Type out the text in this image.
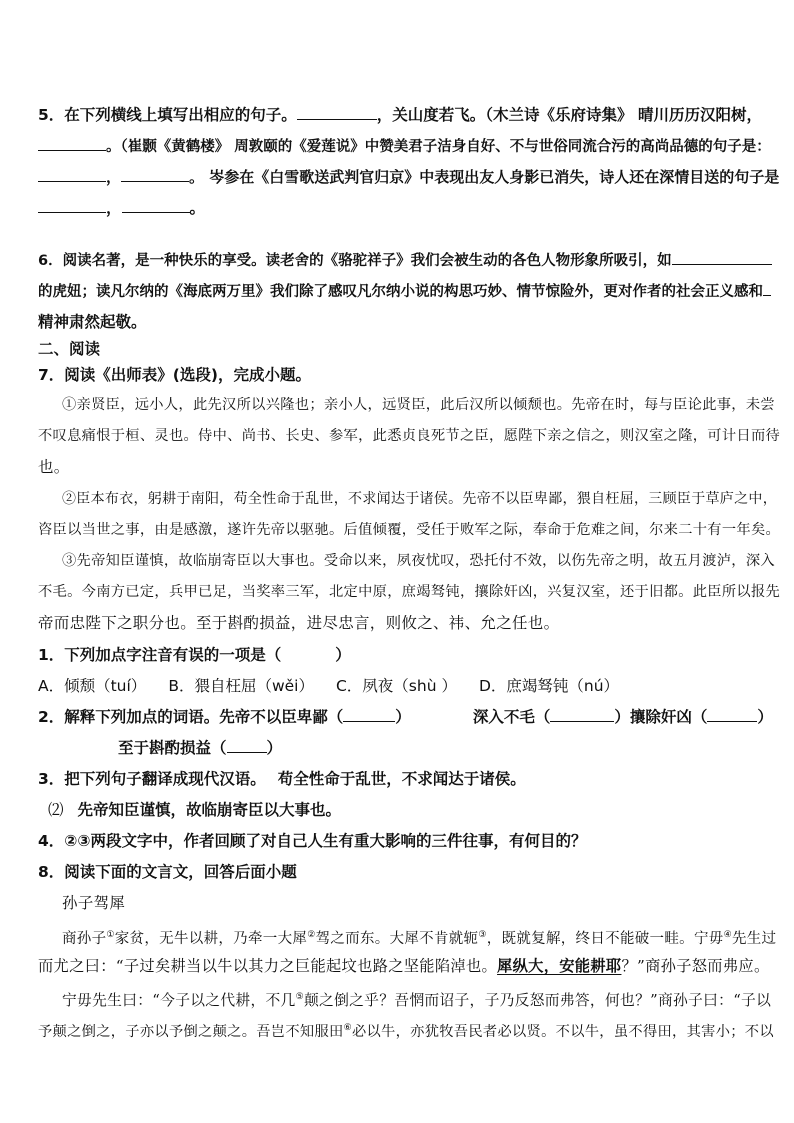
5．在下列横线上填写出相应的句子。	，关山度若飞。（木兰诗《乐府诗集》 晴川历历汉阳树，
。（崔颢《黄鹤楼》 周敦颐的《爱莲说》中赞美君子洁身自好、不与世俗同流合污的高尚品德的句子是：
，	。 岑参在《白雪歌送武判官归京》中表现出友人身影已消失，诗人还在深情目送的句子是
，	。
6．阅读名著，是一种快乐的享受。读老舍的《骆驼祥子》我们会被生动的各色人物形象所吸引，如
的虎妞；读凡尔纳的《海底两万里》我们除了感叹凡尔纳小说的构思巧妙、情节惊险外，更对作者的社会正义感和
精神肃然起敬。
二、阅读
7．阅读《出师表》(选段)，完成小题。
①亲贤臣，远小人，此先汉所以兴隆也；亲小人，远贤臣，此后汉所以倾颓也。先帝在时，每与臣论此事，未尝
不叹息痛恨于桓、灵也。侍中、尚书、长史、参军，此悉贞良死节之臣，愿陛下亲之信之，则汉室之隆，可计日而待
也。
②臣本布衣，躬耕于南阳，苟全性命于乱世，不求闻达于诸侯。先帝不以臣卑鄙，猥自枉屈，三顾臣于草庐之中，
咨臣以当世之事，由是感激，遂许先帝以驱驰。后值倾覆，受任于败军之际，奉命于危难之间，尔来二十有一年矣。
③先帝知臣谨慎，故临崩寄臣以大事也。受命以来，夙夜忧叹，恐托付不效，以伤先帝之明，故五月渡泸，深入
不毛。今南方已定，兵甲已足，当奖率三军，北定中原，庶竭驽钝，攘除奸凶，兴复汉室，还于旧都。此臣所以报先
帝而忠陛下之职分也。至于斟酌损益，进尽忠言，则攸之、祎、允之任也。
1．下列加点字注音有误的一项是（	）
A．倾颓（tuí） B．猥自枉屈（wěi） C．夙夜（shù ） D．庶竭驽钝（nú）
2．解释下列加点的词语。先帝不以臣卑鄙（	）	深入不毛（	）攘除奸凶（	）
至于斟酌损益（	）
3．把下列句子翻译成现代汉语。 苟全性命于乱世，不求闻达于诸侯。
⑵ 先帝知臣谨慎，故临崩寄臣以大事也。
4．②③两段文字中，作者回顾了对自己人生有重大影响的三件往事，有何目的？
8．阅读下面的文言文，回答后面小题
孙子驾犀
商孙子①家贫，无牛以耕，乃牵一大犀②驾之而东。大犀不肯就轭③，既就复解，终日不能破一畦。宁毋④先生过
而尤之曰：“子过矣耕当以牛以其力之巨能起坟也路之坚能陷淖也。犀纵大，安能耕耶？”商孙子怒而弗应。
宁毋先生曰：“今子以之代耕，不几⑤颠之倒之乎？吾惘而诏子，子乃反怒而弗答，何也？”商孙子曰：“子以
予颠之倒之，子亦以予倒之颠之。吾岂不知服田⑥必以牛，亦犹牧吾民者必以贤。不以牛，虽不得田，其害小；不以
